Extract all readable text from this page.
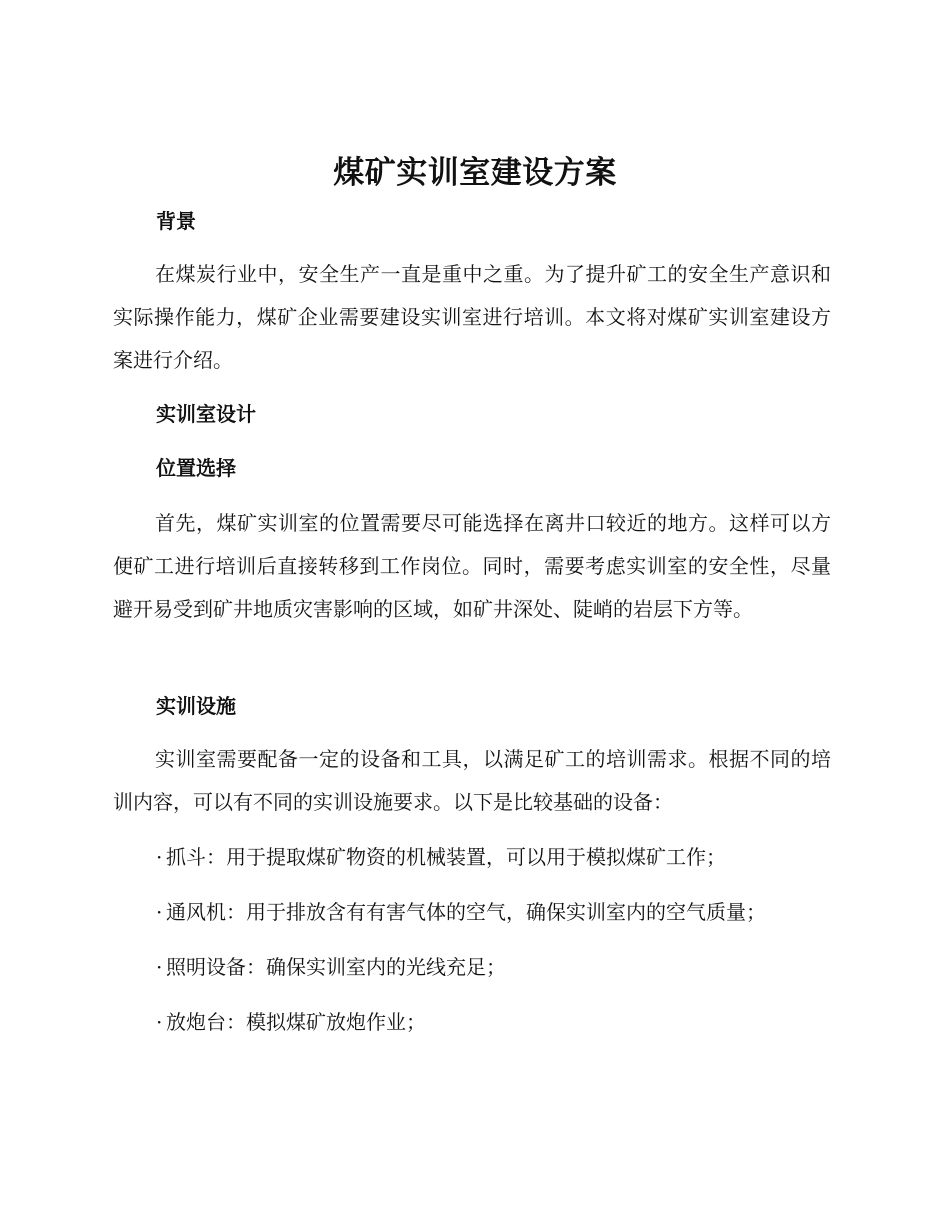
煤矿实训室建设方案
背景

在煤炭行业中，安全生产一直是重中之重。为了提升矿工的安全生产意识和实际操作能力，煤矿企业需要建设实训室进行培训。本文将对煤矿实训室建设方案进行介绍。

实训室设计
位置选择

首先，煤矿实训室的位置需要尽可能选择在离井口较近的地方。这样可以方便矿工进行培训后直接转移到工作岗位。同时，需要考虑实训室的安全性，尽量避开易受到矿井地质灾害影响的区域，如矿井深处、陡峭的岩层下方等。

实训设施

实训室需要配备一定的设备和工具，以满足矿工的培训需求。根据不同的培训内容，可以有不同的实训设施要求。以下是比较基础的设备：

· 抓斗：用于提取煤矿物资的机械装置，可以用于模拟煤矿工作；

· 通风机：用于排放含有有害气体的空气，确保实训室内的空气质量；

· 照明设备：确保实训室内的光线充足；

· 放炮台：模拟煤矿放炮作业；
